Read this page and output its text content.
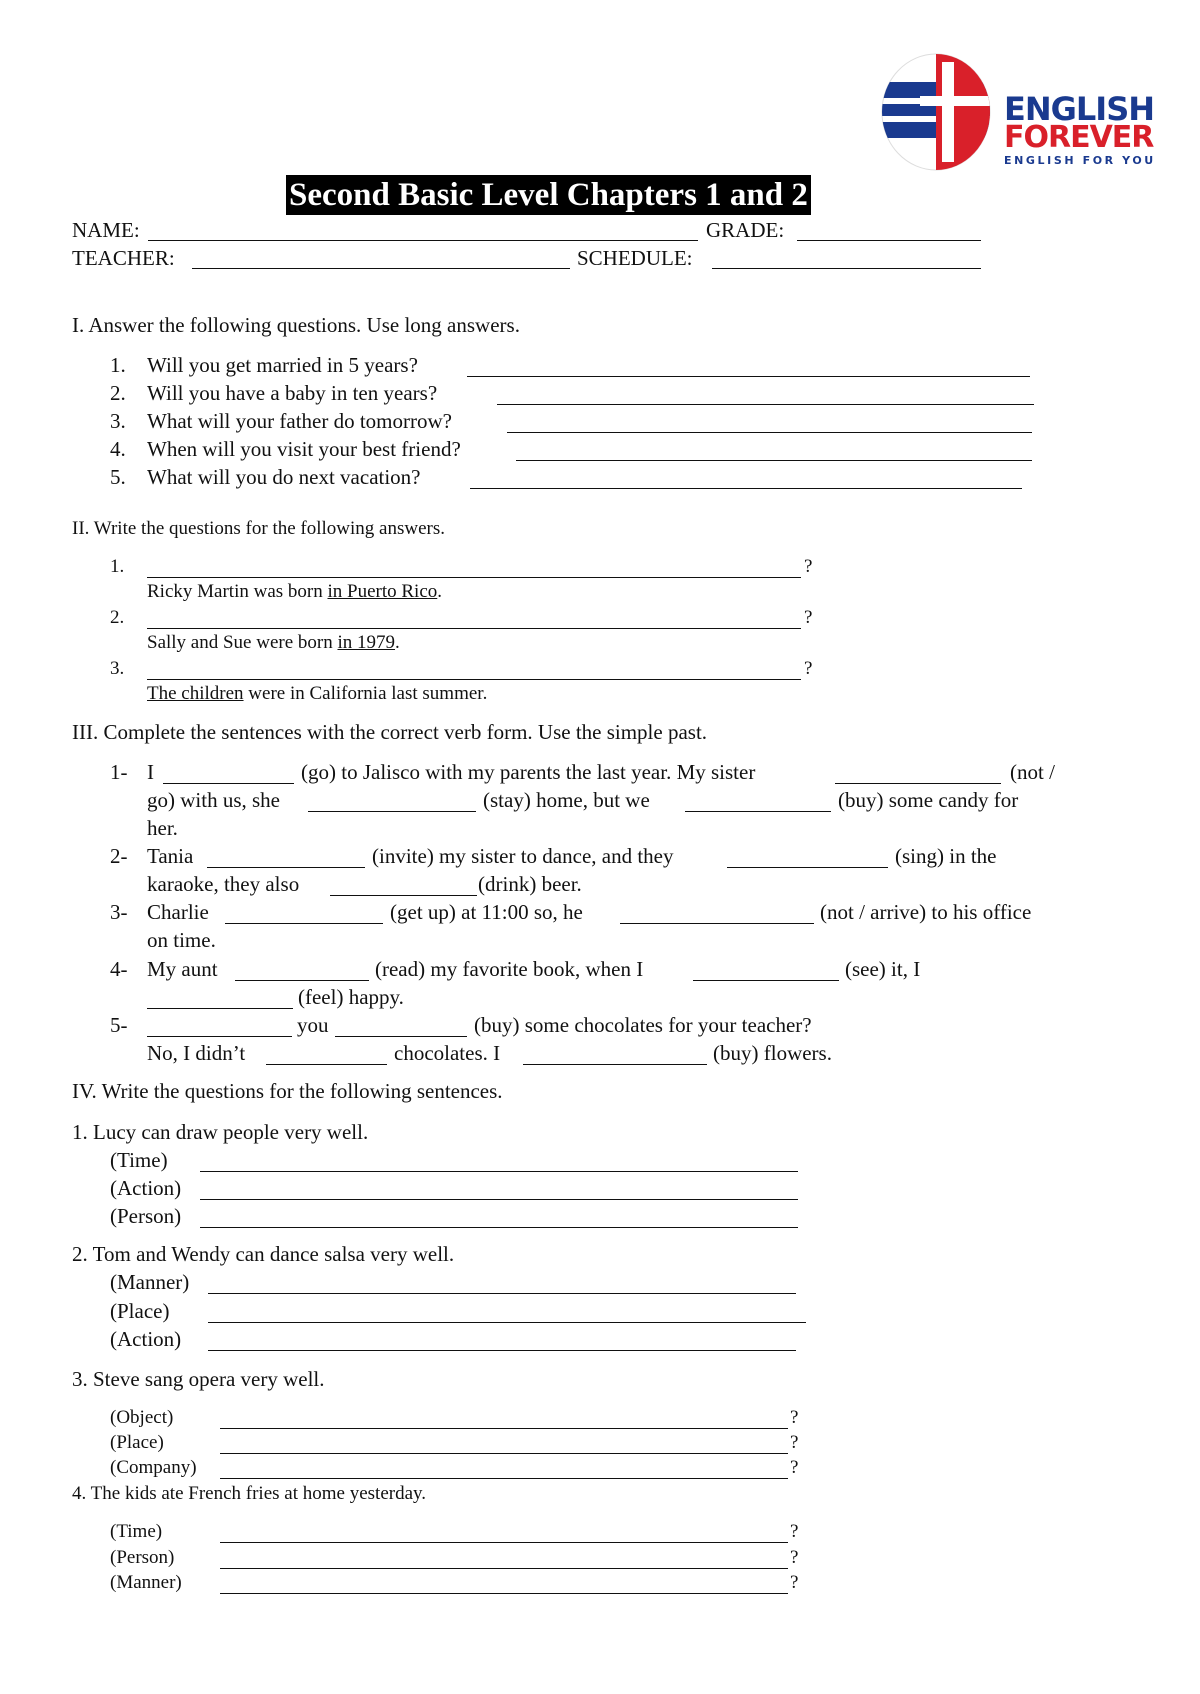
ENGLISH
FOREVER
ENGLISH FOR YOU
Second Basic Level Chapters 1 and 2
NAME:	GRADE:
TEACHER:	SCHEDULE:
I. Answer the following questions. Use long answers.
1. Will you get married in 5 years?
2. Will you have a baby in ten years?
3. What will your father do tomorrow?
4. When will you visit your best friend?
5. What will you do next vacation?
II. Write the questions for the following answers.
1.	?
Ricky Martin was born in Puerto Rico.
2.	?
Sally and Sue were born in 1979.
3.	?
The children were in California last summer.
III. Complete the sentences with the correct verb form. Use the simple past.
1- I	(go) to Jalisco with my parents the last year. My sister	(not /
go) with us, she	(stay) home, but we	(buy) some candy for
her.
2- Tania	(invite) my sister to dance, and they	(sing) in the
karaoke, they also	(drink) beer.
3- Charlie	(get up) at 11:00 so, he	(not / arrive) to his office
on time.
4- My aunt	(read) my favorite book, when I	(see) it, I
(feel) happy.
5-	you	(buy) some chocolates for your teacher?
No, I didn’t	chocolates. I	(buy) flowers.
IV. Write the questions for the following sentences.
1. Lucy can draw people very well.
(Time)
(Action)
(Person)
2. Tom and Wendy can dance salsa very well.
(Manner)
(Place)
(Action)
3. Steve sang opera very well.
(Object)	?
(Place)	?
(Company)	?
4. The kids ate French fries at home yesterday.
(Time)	?
(Person)	?
(Manner)	?
